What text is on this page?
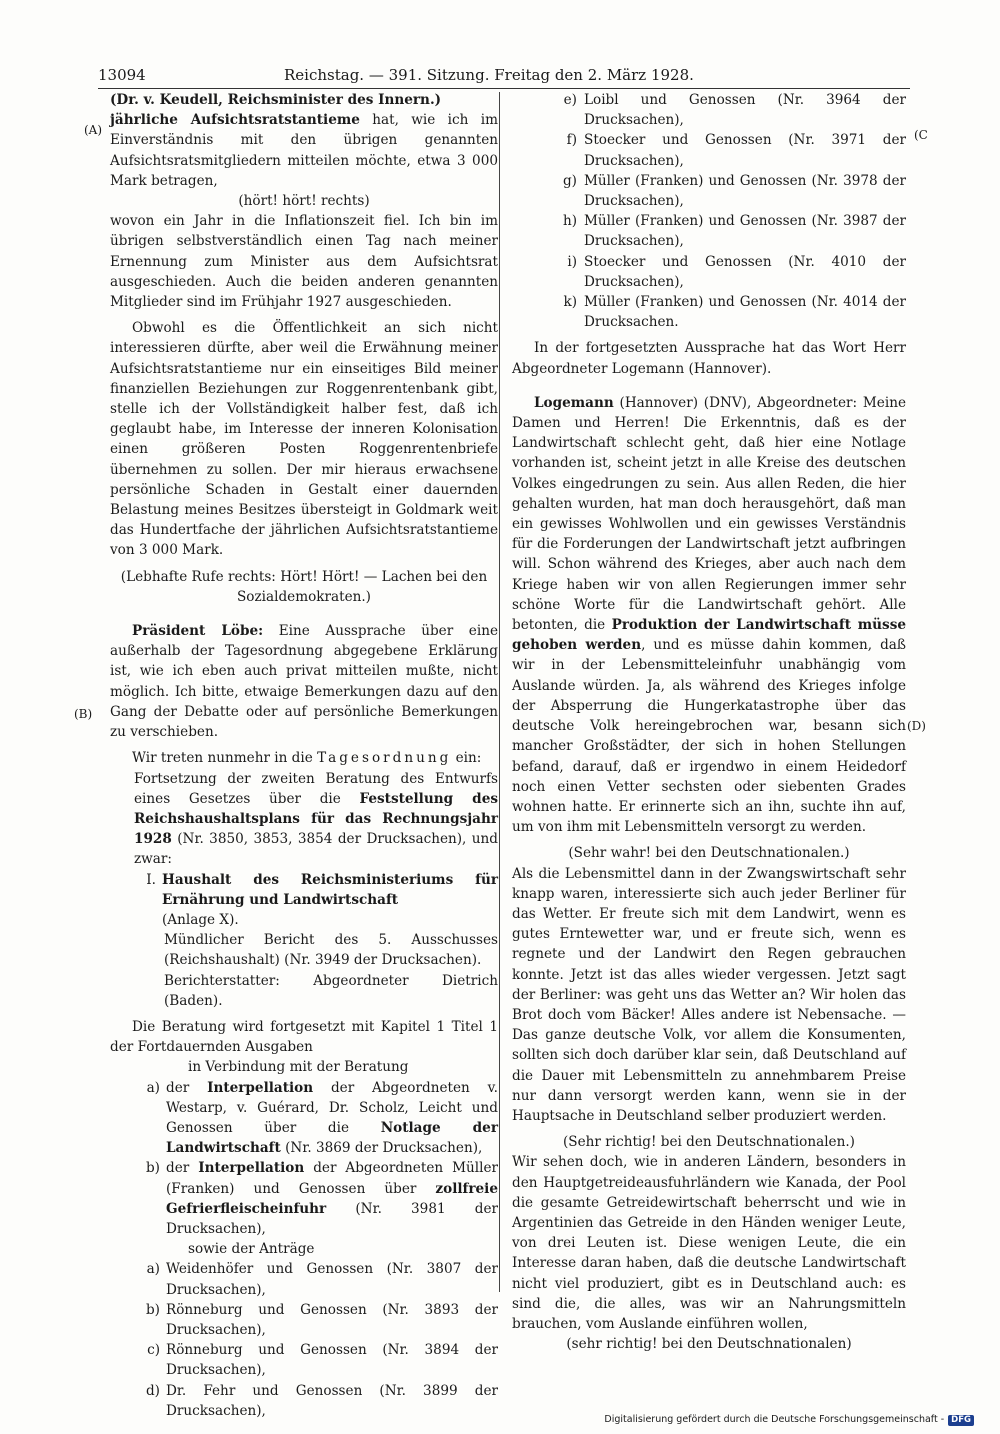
13094	Reichstag. — 391. Sitzung. Freitag den 2. März 1928.
(A)
(B)
(C
(D)

(Dr. v. Keudell, Reichsminister des Innern.)

jährliche Aufsichtsratstantieme hat, wie ich im Einverständnis mit den übrigen genannten Aufsichtsratsmitgliedern mitteilen möchte, etwa 3 000 Mark betragen,

(hört! hört! rechts)

wovon ein Jahr in die Inflationszeit fiel. Ich bin im übrigen selbstverständlich einen Tag nach meiner Ernennung zum Minister aus dem Aufsichtsrat ausgeschieden. Auch die beiden anderen genannten Mitglieder sind im Frühjahr 1927 ausgeschieden.

Obwohl es die Öffentlichkeit an sich nicht interessieren dürfte, aber weil die Erwähnung meiner Aufsichtsratstantieme nur ein einseitiges Bild meiner finanziellen Beziehungen zur Roggenrentenbank gibt, stelle ich der Vollständigkeit halber fest, daß ich geglaubt habe, im Interesse der inneren Kolonisation einen größeren Posten Roggenrentenbriefe übernehmen zu sollen. Der mir hieraus erwachsene persönliche Schaden in Gestalt einer dauernden Belastung meines Besitzes übersteigt in Goldmark weit das Hundertfache der jährlichen Aufsichtsratstantieme von 3 000 Mark.

(Lebhafte Rufe rechts: Hört! Hört! — Lachen bei den Sozialdemokraten.)

Präsident Löbe: Eine Aussprache über eine außerhalb der Tagesordnung abgegebene Erklärung ist, wie ich eben auch privat mitteilen mußte, nicht möglich. Ich bitte, etwaige Bemerkungen dazu auf den Gang der Debatte oder auf persönliche Bemerkungen zu verschieben.

Wir treten nunmehr in die Tagesordnung ein:

Fortsetzung der zweiten Beratung des Entwurfs eines Gesetzes über die Feststellung des Reichshaushaltsplans für das Rechnungsjahr 1928 (Nr. 3850, 3853, 3854 der Drucksachen), und zwar:

I. Haushalt des Reichsministeriums für Ernährung und Landwirtschaft

(Anlage X).

Mündlicher Bericht des 5. Ausschusses (Reichshaushalt) (Nr. 3949 der Drucksachen).

Berichterstatter: Abgeordneter Dietrich (Baden).

Die Beratung wird fortgesetzt mit Kapitel 1 Titel 1 der Fortdauernden Ausgaben

in Verbindung mit der Beratung

a) der Interpellation der Abgeordneten v. Westarp, v. Guérard, Dr. Scholz, Leicht und Genossen über die Notlage der Landwirtschaft (Nr. 3869 der Drucksachen),

b) der Interpellation der Abgeordneten Müller (Franken) und Genossen über zollfreie Gefrierfleischeinfuhr (Nr. 3981 der Drucksachen),

sowie der Anträge

a) Weidenhöfer und Genossen (Nr. 3807 der Drucksachen),

b) Rönneburg und Genossen (Nr. 3893 der Drucksachen),

c) Rönneburg und Genossen (Nr. 3894 der Drucksachen),

d) Dr. Fehr und Genossen (Nr. 3899 der Drucksachen),

e) Loibl und Genossen (Nr. 3964 der Drucksachen),

f) Stoecker und Genossen (Nr. 3971 der Drucksachen),

g) Müller (Franken) und Genossen (Nr. 3978 der Drucksachen),

h) Müller (Franken) und Genossen (Nr. 3987 der Drucksachen),

i) Stoecker und Genossen (Nr. 4010 der Drucksachen),

k) Müller (Franken) und Genossen (Nr. 4014 der Drucksachen.

In der fortgesetzten Aussprache hat das Wort Herr Abgeordneter Logemann (Hannover).

Logemann (Hannover) (DNV), Abgeordneter: Meine Damen und Herren! Die Erkenntnis, daß es der Landwirtschaft schlecht geht, daß hier eine Notlage vorhanden ist, scheint jetzt in alle Kreise des deutschen Volkes eingedrungen zu sein. Aus allen Reden, die hier gehalten wurden, hat man doch herausgehört, daß man ein gewisses Wohlwollen und ein gewisses Verständnis für die Forderungen der Landwirtschaft jetzt aufbringen will. Schon während des Krieges, aber auch nach dem Kriege haben wir von allen Regierungen immer sehr schöne Worte für die Landwirtschaft gehört. Alle betonten, die Produktion der Landwirtschaft müsse gehoben werden, und es müsse dahin kommen, daß wir in der Lebensmitteleinfuhr unabhängig vom Auslande würden. Ja, als während des Krieges infolge der Absperrung die Hungerkatastrophe über das deutsche Volk hereingebrochen war, besann sich mancher Großstädter, der sich in hohen Stellungen befand, darauf, daß er irgendwo in einem Heidedorf noch einen Vetter sechsten oder siebenten Grades wohnen hatte. Er erinnerte sich an ihn, suchte ihn auf, um von ihm mit Lebensmitteln versorgt zu werden.

(Sehr wahr! bei den Deutschnationalen.)

Als die Lebensmittel dann in der Zwangswirtschaft sehr knapp waren, interessierte sich auch jeder Berliner für das Wetter. Er freute sich mit dem Landwirt, wenn es gutes Erntewetter war, und er freute sich, wenn es regnete und der Landwirt den Regen gebrauchen konnte. Jetzt ist das alles wieder vergessen. Jetzt sagt der Berliner: was geht uns das Wetter an? Wir holen das Brot doch vom Bäcker! Alles andere ist Nebensache. — Das ganze deutsche Volk, vor allem die Konsumenten, sollten sich doch darüber klar sein, daß Deutschland auf die Dauer mit Lebensmitteln zu annehmbarem Preise nur dann versorgt werden kann, wenn sie in der Hauptsache in Deutschland selber produziert werden.

(Sehr richtig! bei den Deutschnationalen.)

Wir sehen doch, wie in anderen Ländern, besonders in den Hauptgetreideausfuhrländern wie Kanada, der Pool die gesamte Getreidewirtschaft beherrscht und wie in Argentinien das Getreide in den Händen weniger Leute, von drei Leuten ist. Diese wenigen Leute, die ein Interesse daran haben, daß die deutsche Landwirtschaft nicht viel produziert, gibt es in Deutschland auch: es sind die, die alles, was wir an Nahrungsmitteln brauchen, vom Auslande einführen wollen,

(sehr richtig! bei den Deutschnationalen)

Digitalisierung gefördert durch die Deutsche Forschungsgemeinschaft - DFG
